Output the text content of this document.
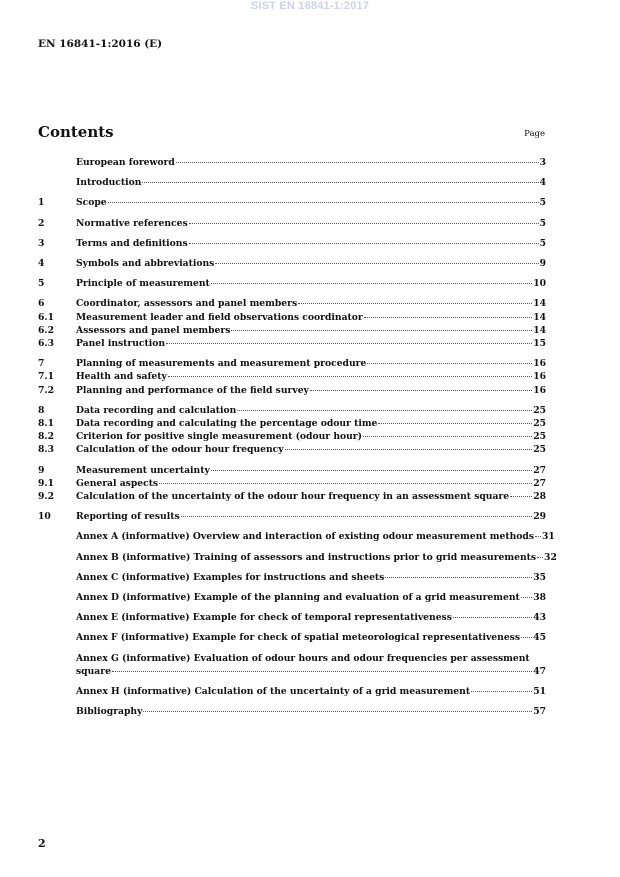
SIST EN 16841-1:2017
EN 16841-1:2016 (E)
Contents	Page
European foreword	3
Introduction	4
1	Scope	5
2	Normative references	5
3	Terms and definitions	5
4	Symbols and abbreviations	9
5	Principle of measurement	10
6	Coordinator, assessors and panel members	14
6.1	Measurement leader and field observations coordinator	14
6.2	Assessors and panel members	14
6.3	Panel instruction	15
7	Planning of measurements and measurement procedure	16
7.1	Health and safety	16
7.2	Planning and performance of the field survey	16
8	Data recording and calculation	25
8.1	Data recording and calculating the percentage odour time	25
8.2	Criterion for positive single measurement (odour hour)	25
8.3	Calculation of the odour hour frequency	25
9	Measurement uncertainty	27
9.1	General aspects	27
9.2	Calculation of the uncertainty of the odour hour frequency in an assessment square	28
10	Reporting of results	29
Annex A (informative) Overview and interaction of existing odour measurement methods 31
Annex B (informative) Training of assessors and instructions prior to grid measurements 32
Annex C (informative) Examples for instructions and sheets	35
Annex D (informative) Example of the planning and evaluation of a grid measurement 38
Annex E (informative) Example for check of temporal representativeness	43
Annex F (informative) Example for check of spatial meteorological representativeness 45
Annex G (informative) Evaluation of odour hours and odour frequencies per assessment
square	47
Annex H (informative) Calculation of the uncertainty of a grid measurement	51
Bibliography	57
2
